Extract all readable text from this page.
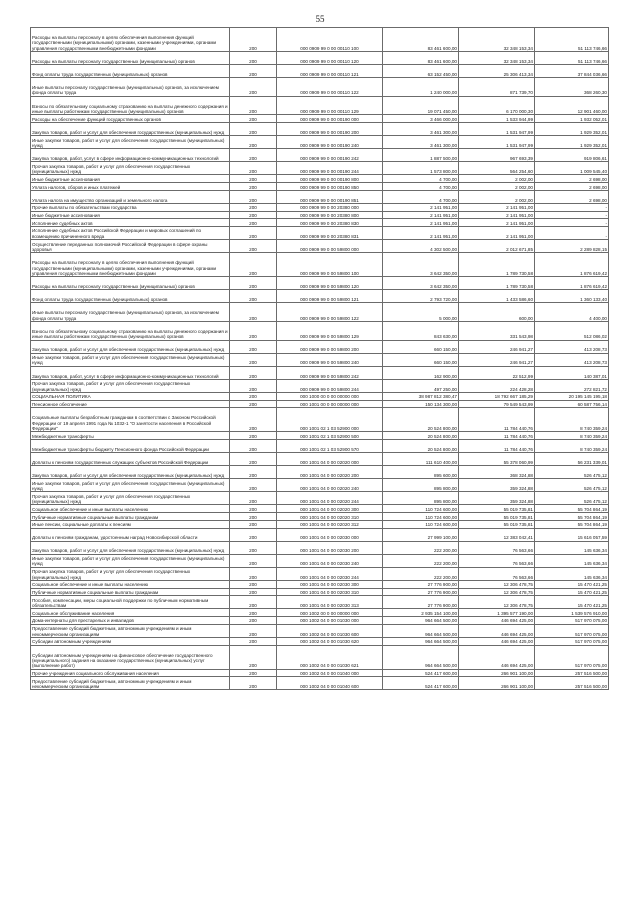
55
Расходы на выплаты персоналу в целях обеспечения выполнения функций государственными (муниципальными) органами, казенными учреждениями, органами управления государственными внебюджетными фондами	200	000 0909 99 0 00 00110 100	83 461 600,00	32 348 153,34	51 113 746,66
Расходы на выплаты персоналу государственных (муниципальных) органов	200	000 0909 99 0 00 00110 120	83 461 600,00	32 348 153,34	51 113 746,66
Фонд оплаты труда государственных (муниципальных) органов	200	000 0909 99 0 00 00110 121	63 152 450,00	25 306 413,34	37 844 036,66
Иные выплаты персоналу государственных (муниципальных) органов, за исключением фонда оплаты труда	200	000 0909 99 0 00 00110 122	1 240 000,00	871 739,70	368 260,30
Взносы по обязательному социальному страхованию на выплаты денежного содержания и иные выплаты работникам государственных (муниципальных) органов	200	000 0909 99 0 00 00110 129	19 071 450,00	6 170 000,30	12 901 460,00
Расходы на обеспечение функций государственных органов	200	000 0909 99 0 00 00190 000	3 466 000,00	1 533 944,99	1 932 052,01
Закупка товаров, работ и услуг для обеспечения государственных (муниципальных) нужд	200	000 0909 99 0 00 00190 200	3 461 300,00	1 531 947,99	1 929 352,01
Иные закупки товаров, работ и услуг для обеспечения государственных (муниципальных) нужд	200	000 0909 99 0 00 00190 240	3 461 300,00	1 531 947,99	1 929 352,01
Закупка товаров, работ, услуг в сфере информационно-коммуникационных технологий	200	000 0909 99 0 00 00190 242	1 887 500,00	967 693,39	919 806,61
Прочая закупка товаров, работ и услуг для обеспечения государственных (муниципальных) нужд	200	000 0909 99 0 00 00190 244	1 573 800,00	564 254,60	1 009 545,40
Иные бюджетные ассигнования	200	000 0909 99 0 00 00190 800	4 700,00	2 002,00	2 698,00
Уплата налогов, сборов и иных платежей	200	000 0909 99 0 00 00190 850	4 700,00	2 002,00	2 698,00
Уплата налога на имущество организаций и земельного налога	200	000 0909 99 0 00 00190 851	4 700,00	2 002,00	2 698,00
Прочие выплаты по обязательствам государства	200	000 0909 99 0 00 20380 000	2 141 951,00	2 141 951,00	-
Иные бюджетные ассигнования	200	000 0909 99 0 00 20380 800	2 141 951,00	2 141 951,00	-
Исполнение судебных актов	200	000 0909 99 0 00 20380 830	2 141 951,00	2 141 951,00	-
Исполнение судебных актов Российской Федерации и мировых соглашений по возмещению причиненного вреда	200	000 0909 99 0 00 20380 831	2 141 951,00	2 141 951,00	-
Осуществление переданных полномочий Российской Федерации в сфере охраны здоровья	200	000 0909 99 0 00 59800 000	4 302 500,00	2 012 671,85	2 289 828,15
Расходы на выплаты персоналу в целях обеспечения выполнения функций государственными (муниципальными) органами, казенными учреждениями, органами управления государственными внебюджетными фондами	200	000 0909 99 0 00 59800 100	3 642 350,00	1 789 730,58	1 876 619,42
Расходы на выплаты персоналу государственных (муниципальных) органов	200	000 0909 99 0 00 59800 120	3 642 350,00	1 789 730,58	1 876 619,42
Фонд оплаты труда государственных (муниципальных) органов	200	000 0909 99 0 00 59800 121	2 793 720,00	1 433 586,60	1 360 133,40
Иные выплаты персоналу государственных (муниципальных) органов, за исключением фонда оплаты труда	200	000 0909 99 0 00 59800 122	5 000,00	600,00	4 400,00
Взносы по обязательному социальному страхованию на выплаты денежного содержания и иные выплаты работникам государственных (муниципальных) органов	200	000 0909 99 0 00 59800 129	843 630,00	331 543,98	512 086,02
Закупка товаров, работ и услуг для обеспечения государственных (муниципальных) нужд	200	000 0909 99 0 00 59800 200	660 150,00	246 941,27	413 208,73
Иные закупки товаров, работ и услуг для обеспечения государственных (муниципальных) нужд	200	000 0909 99 0 00 59800 240	660 150,00	246 941,27	413 208,73
Закупка товаров, работ, услуг в сфере информационно-коммуникационных технологий	200	000 0909 99 0 00 59800 242	162 900,00	22 512,99	140 387,01
Прочая закупка товаров, работ и услуг для обеспечения государственных (муниципальных) нужд	200	000 0909 99 0 00 59800 244	497 250,00	224 428,28	272 821,72
СОЦИАЛЬНАЯ ПОЛИТИКА	200	000 1000 00 0 00 00000 000	38 987 812 380,47	18 792 667 185,29	20 195 145 195,18
Пенсионное обеспечение	200	000 1001 00 0 00 00000 000	150 134 300,00	79 549 543,99	60 587 756,14
Социальные выплаты безработным гражданам в соответствии с Законом Российской Федерации от 19 апреля 1991 года № 1032-1 "О занятости населения в Российской Федерации"	200	000 1001 02 1 03 52900 000	20 524 800,00	11 784 440,76	8 740 359,24
Межбюджетные трансферты	200	000 1001 02 1 03 52900 500	20 524 800,00	11 784 440,76	8 740 359,24
Межбюджетные трансферты бюджету Пенсионного фонда Российской Федерации	200	000 1001 02 1 03 52900 570	20 524 800,00	11 784 440,76	8 740 359,24
Доплаты к пенсиям государственных служащих субъектов Российской Федерации	200	000 1001 04 0 00 02020 000	111 610 400,00	55 378 060,99	56 231 339,01
Закупка товаров, работ и услуг для обеспечения государственных (муниципальных) нужд	200	000 1001 04 0 00 02020 200	895 600,00	368 324,88	526 475,12
Иные закупки товаров, работ и услуг для обеспечения государственных (муниципальных) нужд	200	000 1001 04 0 00 02020 240	895 800,00	359 324,88	526 475,12
Прочая закупка товаров, работ и услуг для обеспечения государственных (муниципальных) нужд	200	000 1001 04 0 00 02020 244	895 800,00	359 324,88	526 475,12
Социальное обеспечение и иные выплаты населению	200	000 1001 04 0 00 02020 300	110 724 600,00	55 019 735,81	55 704 864,19
Публичные нормативные социальные выплаты гражданам	200	000 1001 04 0 00 02020 310	110 724 600,00	55 019 735,81	55 704 864,19
Иные пенсии, социальные доплаты к пенсиям	200	000 1001 04 0 00 02020 312	110 724 600,00	55 019 735,81	55 704 864,19
Доплаты к пенсиям гражданам, удостоенным наград Новосибирской области	200	000 1001 04 0 00 02030 000	27 999 100,00	12 383 042,41	15 616 057,59
Закупка товаров, работ и услуг для обеспечения государственных (муниципальных) нужд	200	000 1001 04 0 00 02030 200	222 200,00	76 563,66	145 636,34
Иные закупки товаров, работ и услуг для обеспечения государственных (муниципальных) нужд	200	000 1001 04 0 00 02030 240	222 200,00	76 563,66	145 636,34
Прочая закупка товаров, работ и услуг для обеспечения государственных (муниципальных) нужд	200	000 1001 04 0 00 02030 244	222 200,00	76 563,66	145 636,34
Социальное обеспечение и иные выплаты населению	200	000 1001 04 0 00 02030 300	27 776 900,00	12 306 478,75	15 470 421,25
Публичные нормативные социальные выплаты гражданам	200	000 1001 04 0 00 02030 310	27 776 900,00	12 306 478,75	15 470 421,25
Пособия, компенсации, меры социальной поддержки по публичным нормативным обязательствам	200	000 1001 04 0 00 02030 313	27 776 900,00	12 306 478,75	15 470 421,25
Социальное обслуживание населения	200	000 1002 00 0 00 00000 000	2 935 154 100,00	1 395 577 190,00	1 539 576 910,00
Дома-интернаты для престарелых и инвалидов	200	000 1002 04 0 00 01030 000	964 664 500,00	446 694 425,00	517 970 075,00
Предоставление субсидий бюджетным, автономным учреждениям и иным некоммерческим организациям	200	000 1002 04 0 00 01030 600	964 664 500,00	446 694 425,00	517 970 075,00
Субсидии автономным учреждениям	200	000 1002 04 0 00 01030 620	964 664 500,00	446 694 425,00	517 970 075,00
Субсидии автономным учреждениям на финансовое обеспечение государственного (муниципального) задания на оказание государственных (муниципальных) услуг (выполнение работ)	200	000 1002 04 0 00 01030 621	964 664 500,00	446 694 425,00	517 970 075,00
Прочие учреждения социального обслуживания населения	200	000 1002 04 0 00 01040 000	524 417 600,00	266 901 100,00	257 516 500,00
Предоставление субсидий бюджетным, автономным учреждениям и иным некоммерческим организациям	200	000 1002 04 0 00 01040 600	524 417 600,00	266 901 100,00	257 516 500,00
